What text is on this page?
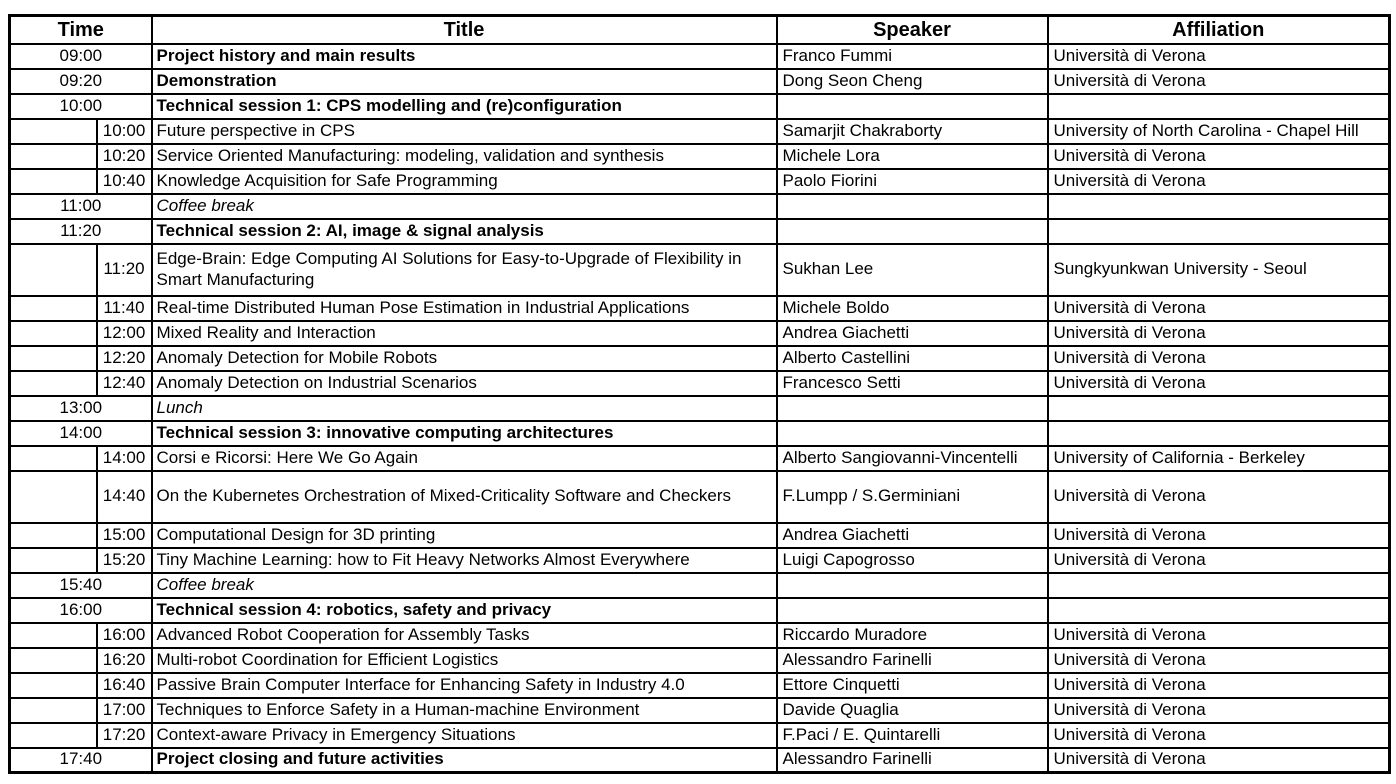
Time		Title	Speaker	Affiliation
09:00		Project history and main results	Franco Fummi	Università di Verona
09:20		Demonstration	Dong Seon Cheng	Università di Verona
10:00		Technical session 1: CPS modelling and (re)configuration		
	10:00	Future perspective in CPS	Samarjit Chakraborty	University of North Carolina - Chapel Hill
	10:20	Service Oriented Manufacturing: modeling, validation and synthesis	Michele Lora	Università di Verona
	10:40	Knowledge Acquisition for Safe Programming	Paolo Fiorini	Università di Verona
11:00		Coffee break		
11:20		Technical session 2: AI, image & signal analysis		
	11:20	Edge-Brain: Edge Computing AI Solutions for Easy-to-Upgrade of Flexibility in Smart Manufacturing	Sukhan Lee	Sungkyunkwan University - Seoul
	11:40	Real-time Distributed Human Pose Estimation in Industrial Applications	Michele Boldo	Università di Verona
	12:00	Mixed Reality and Interaction	Andrea Giachetti	Università di Verona
	12:20	Anomaly Detection for Mobile Robots	Alberto Castellini	Università di Verona
	12:40	Anomaly Detection on Industrial Scenarios	Francesco Setti	Università di Verona
13:00		Lunch		
14:00		Technical session 3: innovative computing architectures		
	14:00	Corsi e Ricorsi: Here We Go Again	Alberto Sangiovanni-Vincentelli	University of California - Berkeley
	14:40	On the Kubernetes Orchestration of Mixed-Criticality Software and Checkers	F.Lumpp / S.Germiniani	Università di Verona
	15:00	Computational Design for 3D printing	Andrea Giachetti	Università di Verona
	15:20	Tiny Machine Learning: how to Fit Heavy Networks Almost Everywhere	Luigi Capogrosso	Università di Verona
15:40		Coffee break		
16:00		Technical session 4: robotics, safety and privacy		
	16:00	Advanced Robot Cooperation for Assembly Tasks	Riccardo Muradore	Università di Verona
	16:20	Multi-robot Coordination for Efficient Logistics	Alessandro Farinelli	Università di Verona
	16:40	Passive Brain Computer Interface for Enhancing Safety in Industry 4.0	Ettore Cinquetti	Università di Verona
	17:00	Techniques to Enforce Safety in a Human-machine Environment	Davide Quaglia	Università di Verona
	17:20	Context-aware Privacy in Emergency Situations	F.Paci / E. Quintarelli	Università di Verona
17:40		Project closing and future activities	Alessandro Farinelli	Università di Verona
